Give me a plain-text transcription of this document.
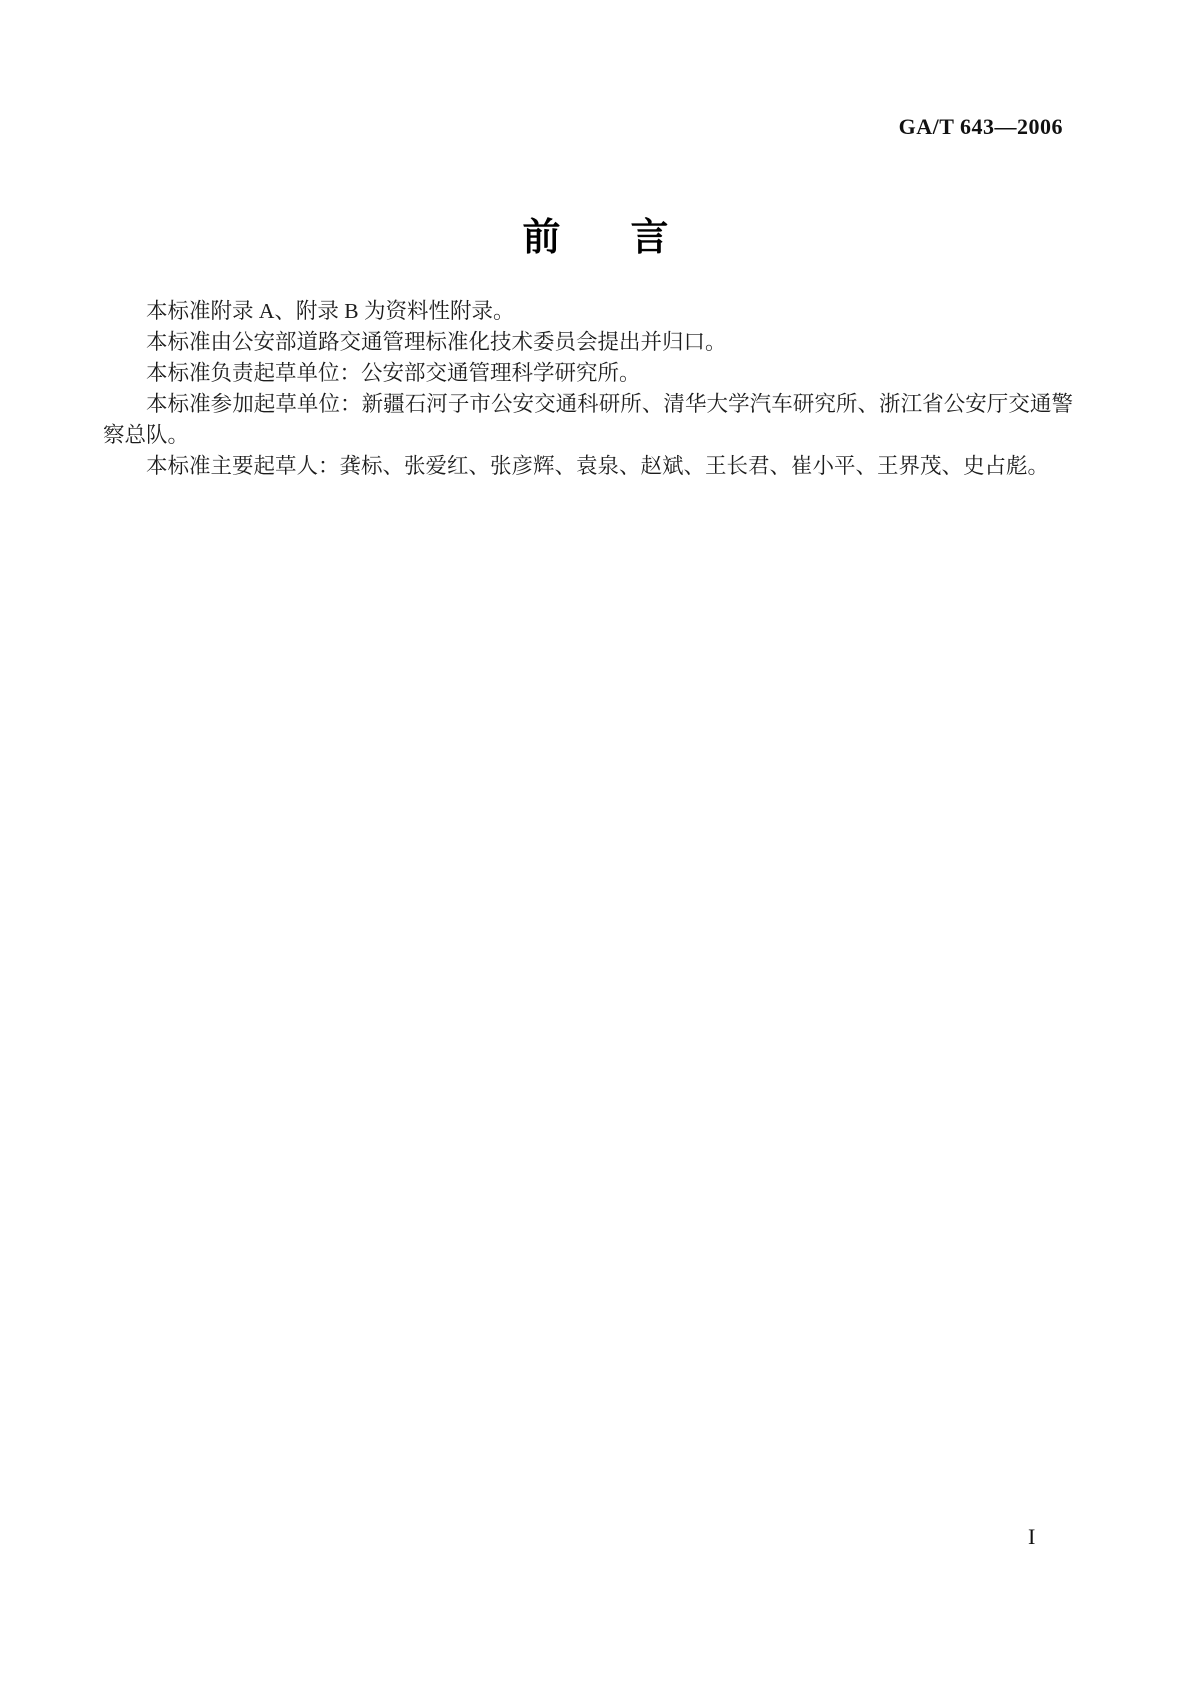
GA/T 643—2006
前 言

本标准附录 A、附录 B 为资料性附录。

本标准由公安部道路交通管理标准化技术委员会提出并归口。

本标准负责起草单位：公安部交通管理科学研究所。

本标准参加起草单位：新疆石河子市公安交通科研所、清华大学汽车研究所、浙江省公安厅交通警察总队。

本标准主要起草人：龚标、张爱红、张彦辉、袁泉、赵斌、王长君、崔小平、王界茂、史占彪。

I
